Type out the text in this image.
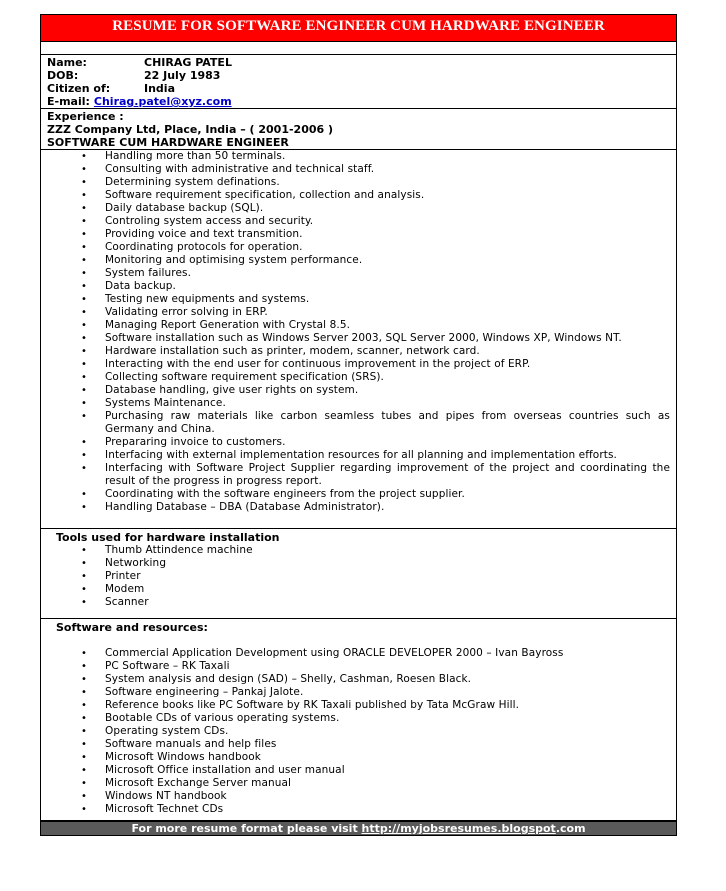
RESUME FOR SOFTWARE ENGINEER CUM HARDWARE ENGINEER
Name:	CHIRAG PATEL
DOB:	22 July 1983
Citizen of:	India
E-mail: Chirag.patel@xyz.com
Experience :
ZZZ Company Ltd, Place, India – ( 2001-2006 )
SOFTWARE CUM HARDWARE ENGINEER
• Handling more than 50 terminals.
• Consulting with administrative and technical staff.
• Determining system definations.
• Software requirement specification, collection and analysis.
• Daily database backup (SQL).
• Controling system access and security.
• Providing voice and text transmition.
• Coordinating protocols for operation.
• Monitoring and optimising system performance.
• System failures.
• Data backup.
• Testing new equipments and systems.
• Validating error solving in ERP.
• Managing Report Generation with Crystal 8.5.
• Software installation such as Windows Server 2003, SQL Server 2000, Windows XP, Windows NT.
• Hardware installation such as printer, modem, scanner, network card.
• Interacting with the end user for continuous improvement in the project of ERP.
• Collecting software requirement specification (SRS).
• Database handling, give user rights on system.
• Systems Maintenance.
• Purchasing raw materials like carbon seamless tubes and pipes from overseas countries such as Germany and China.
• Prepararing invoice to customers.
• Interfacing with external implementation resources for all planning and implementation efforts.
• Interfacing with Software Project Supplier regarding improvement of the project and coordinating the result of the progress in progress report.
• Coordinating with the software engineers from the project supplier.
• Handling Database – DBA (Database Administrator).
Tools used for hardware installation
• Thumb Attindence machine
• Networking
• Printer
• Modem
• Scanner
Software and resources:
• Commercial Application Development using ORACLE DEVELOPER 2000 – Ivan Bayross
• PC Software – RK Taxali
• System analysis and design (SAD) – Shelly, Cashman, Roesen Black.
• Software engineering – Pankaj Jalote.
• Reference books like PC Software by RK Taxali published by Tata McGraw Hill.
• Bootable CDs of various operating systems.
• Operating system CDs.
• Software manuals and help files
• Microsoft Windows handbook
• Microsoft Office installation and user manual
• Microsoft Exchange Server manual
• Windows NT handbook
• Microsoft Technet CDs
For more resume format please visit http://myjobsresumes.blogspot.com
